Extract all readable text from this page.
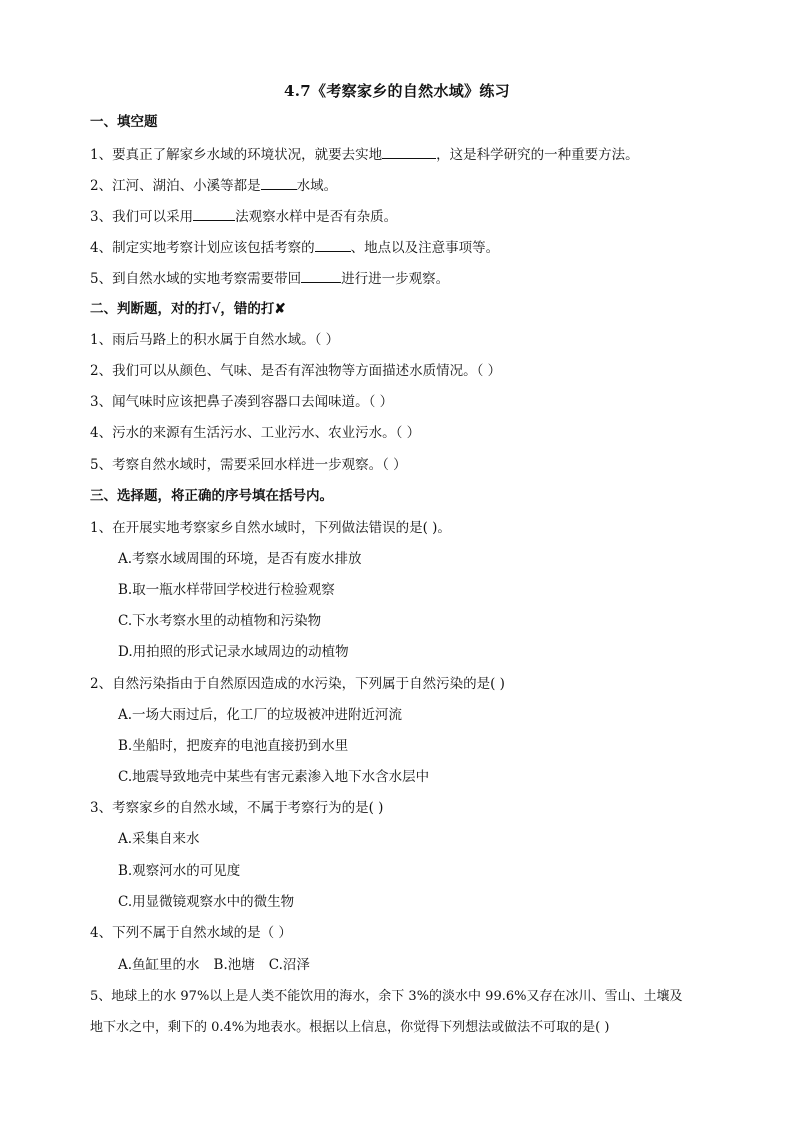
4.7《考察家乡的自然水域》练习
一、填空题
1、要真正了解家乡水域的环境状况，就要去实地	，这是科学研究的一种重要方法。
2、江河、湖泊、小溪等都是	水域。
3、我们可以采用	法观察水样中是否有杂质。
4、制定实地考察计划应该包括考察的	、地点以及注意事项等。
5、到自然水域的实地考察需要带回	进行进一步观察。
二、判断题，对的打√，错的打✘
1、雨后马路上的积水属于自然水域。（ ）
2、我们可以从颜色、气味、是否有浑浊物等方面描述水质情况。（ ）
3、闻气味时应该把鼻子凑到容器口去闻味道。（ ）
4、污水的来源有生活污水、工业污水、农业污水。（ ）
5、考察自然水域时，需要采回水样进一步观察。（ ）
三、选择题，将正确的序号填在括号内。
1、在开展实地考察家乡自然水域时，下列做法错误的是( )。
A.考察水域周围的环境，是否有废水排放
B.取一瓶水样带回学校进行检验观察
C.下水考察水里的动植物和污染物
D.用拍照的形式记录水域周边的动植物
2、自然污染指由于自然原因造成的水污染，下列属于自然污染的是( )
A.一场大雨过后，化工厂的垃圾被冲进附近河流
B.坐船时，把废弃的电池直接扔到水里
C.地震导致地壳中某些有害元素渗入地下水含水层中
3、考察家乡的自然水域，不属于考察行为的是( )
A.采集自来水
B.观察河水的可见度
C.用显微镜观察水中的微生物
4、下列不属于自然水域的是（ ）
A.鱼缸里的水 B.池塘 C.沼泽
5、地球上的水 97%以上是人类不能饮用的海水，余下 3%的淡水中 99.6%又存在冰川、雪山、土壤及
地下水之中，剩下的 0.4%为地表水。根据以上信息，你觉得下列想法或做法不可取的是( )
